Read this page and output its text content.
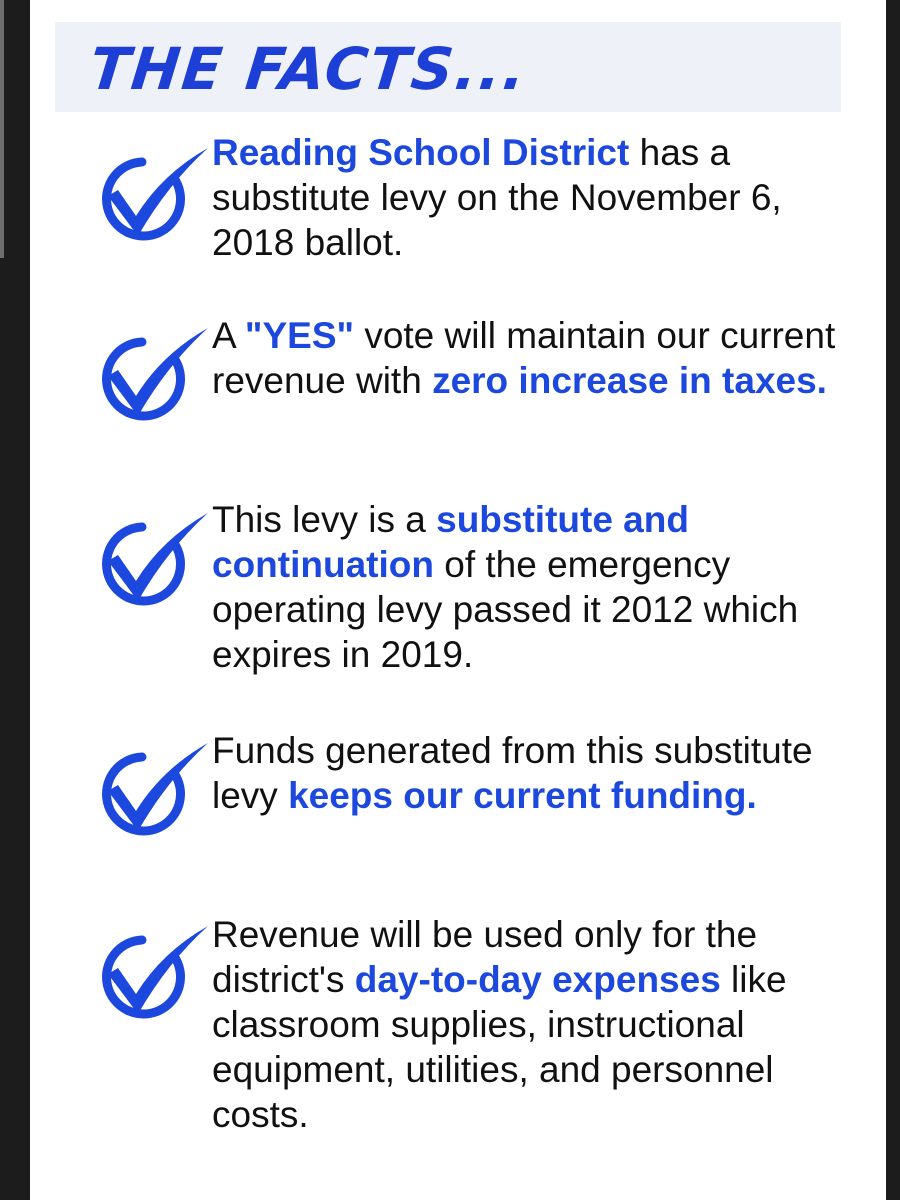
THE FACTS...

Reading School District has a substitute levy on the November 6, 2018 ballot.

A "YES" vote will maintain our current revenue with zero increase in taxes.

This levy is a substitute and continuation of the emergency operating levy passed it 2012 which expires in 2019.

Funds generated from this substitute levy keeps our current funding.

Revenue will be used only for the district's day-to-day expenses like classroom supplies, instructional equipment, utilities, and personnel costs.
